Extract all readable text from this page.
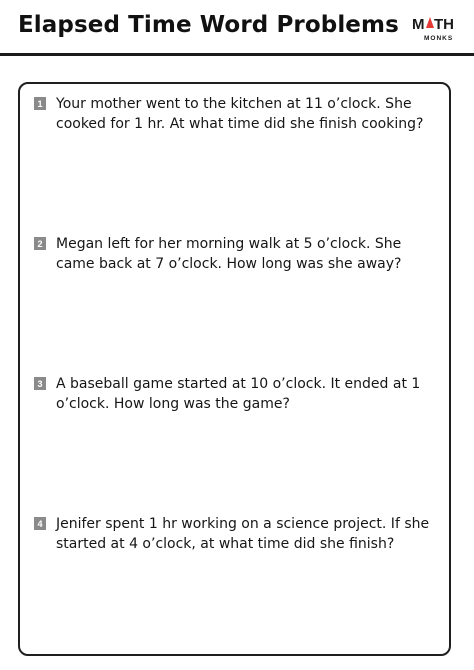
Elapsed Time Word Problems M TH
MONKS
1 Your mother went to the kitchen at 11 o’clock. She cooked for 1 hr. At what time did she finish cooking?
2 Megan left for her morning walk at 5 o’clock. She came back at 7 o’clock. How long was she away?
3 A baseball game started at 10 o’clock. It ended at 1 o’clock. How long was the game?
4 Jenifer spent 1 hr working on a science project. If she started at 4 o’clock, at what time did she finish?
